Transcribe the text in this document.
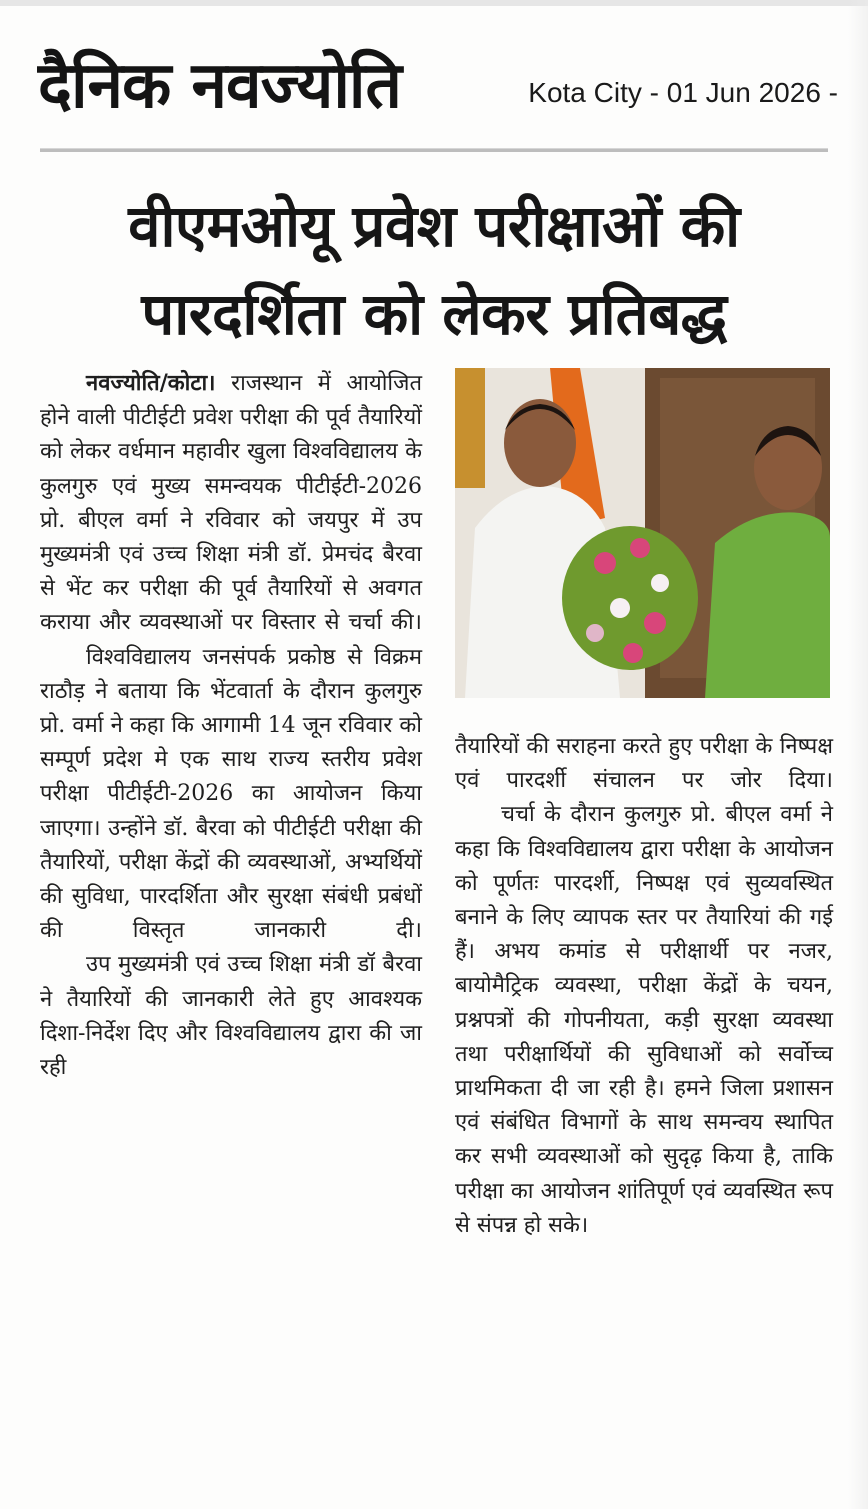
दैनिक नवज्योति	Kota City - 01 Jun 2026 -
वीएमओयू प्रवेश परीक्षाओं की
पारदर्शिता को लेकर प्रतिबद्ध
नवज्योति/कोटा। राजस्थान में आयोजित होने वाली पीटीईटी प्रवेश परीक्षा की पूर्व तैयारियों को लेकर वर्धमान महावीर खुला विश्वविद्यालय के कुलगुरु एवं मुख्य समन्वयक पीटीईटी-2026 प्रो. बीएल वर्मा ने रविवार को जयपुर में उप मुख्यमंत्री एवं उच्च शिक्षा मंत्री डॉ. प्रेमचंद बैरवा से भेंट कर परीक्षा की पूर्व तैयारियों से अवगत कराया और व्यवस्थाओं पर विस्तार से चर्चा की।
विश्वविद्यालय जनसंपर्क प्रकोष्ठ से विक्रम राठौड़ ने बताया कि भेंटवार्ता के दौरान कुलगुरु प्रो. वर्मा ने कहा कि आगामी 14 जून रविवार को सम्पूर्ण प्रदेश मे एक साथ राज्य स्तरीय प्रवेश परीक्षा पीटीईटी-2026 का आयोजन किया जाएगा। उन्होंने डॉ. बैरवा को पीटीईटी परीक्षा की तैयारियों, परीक्षा केंद्रों की व्यवस्थाओं, अभ्यर्थियों की सुविधा, पारदर्शिता और सुरक्षा संबंधी प्रबंधों की विस्तृत जानकारी दी।
उप मुख्यमंत्री एवं उच्च शिक्षा मंत्री डॉ बैरवा ने तैयारियों की जानकारी लेते हुए आवश्यक दिशा-निर्देश दिए और विश्वविद्यालय द्वारा की जा रही
तैयारियों की सराहना करते हुए परीक्षा के निष्पक्ष एवं पारदर्शी संचालन पर जोर दिया।
चर्चा के दौरान कुलगुरु प्रो. बीएल वर्मा ने कहा कि विश्वविद्यालय द्वारा परीक्षा के आयोजन को पूर्णतः पारदर्शी, निष्पक्ष एवं सुव्यवस्थित बनाने के लिए व्यापक स्तर पर तैयारियां की गई हैं। अभय कमांड से परीक्षार्थी पर नजर, बायोमैट्रिक व्यवस्था, परीक्षा केंद्रों के चयन, प्रश्नपत्रों की गोपनीयता, कड़ी सुरक्षा व्यवस्था तथा परीक्षार्थियों की सुविधाओं को सर्वोच्च प्राथमिकता दी जा रही है। हमने जिला प्रशासन एवं संबंधित विभागों के साथ समन्वय स्थापित कर सभी व्यवस्थाओं को सुदृढ़ किया है, ताकि परीक्षा का आयोजन शांतिपूर्ण एवं व्यवस्थित रूप से संपन्न हो सके।
